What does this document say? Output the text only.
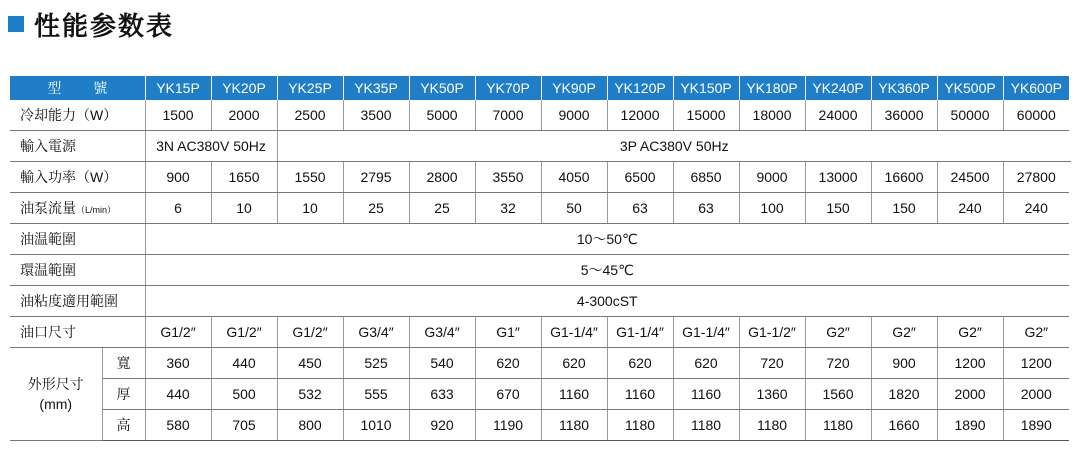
性能参数表
型 號		YK15P	YK20P	YK25P	YK35P	YK50P	YK70P	YK90P	YK120P	YK150P	YK180P	YK240P	YK360P	YK500P	YK600P
冷却能力（W）		1500	2000	2500	3500	5000	7000	9000	12000	15000	18000	24000	36000	50000	60000
輸入電源		3N AC380V 50Hz		3P AC380V 50Hz											
輸入功率（W）		900	1650	1550	2795	2800	3550	4050	6500	6850	9000	13000	16600	24500	27800
油泵流量（L/min）		6	10	10	25	25	32	50	63	63	100	150	150	240	240
油温範圍		10～50℃													
環温範圍		5～45℃													
油粘度適用範圍		4-300cST													
油口尺寸		G1/2″	G1/2″	G1/2″	G3/4″	G3/4″	G1″	G1-1/4″	G1-1/4″	G1-1/4″	G1-1/2″	G2″	G2″	G2″	G2″

外形尺寸
(mm)	寬	360	440	450	525	540	620	620	620	620	720	720	900	1200	1200
	厚	440	500	532	555	633	670	1160	1160	1160	1360	1560	1820	2000	2000
	高	580	705	800	1010	920	1190	1180	1180	1180	1180	1180	1660	1890	1890
